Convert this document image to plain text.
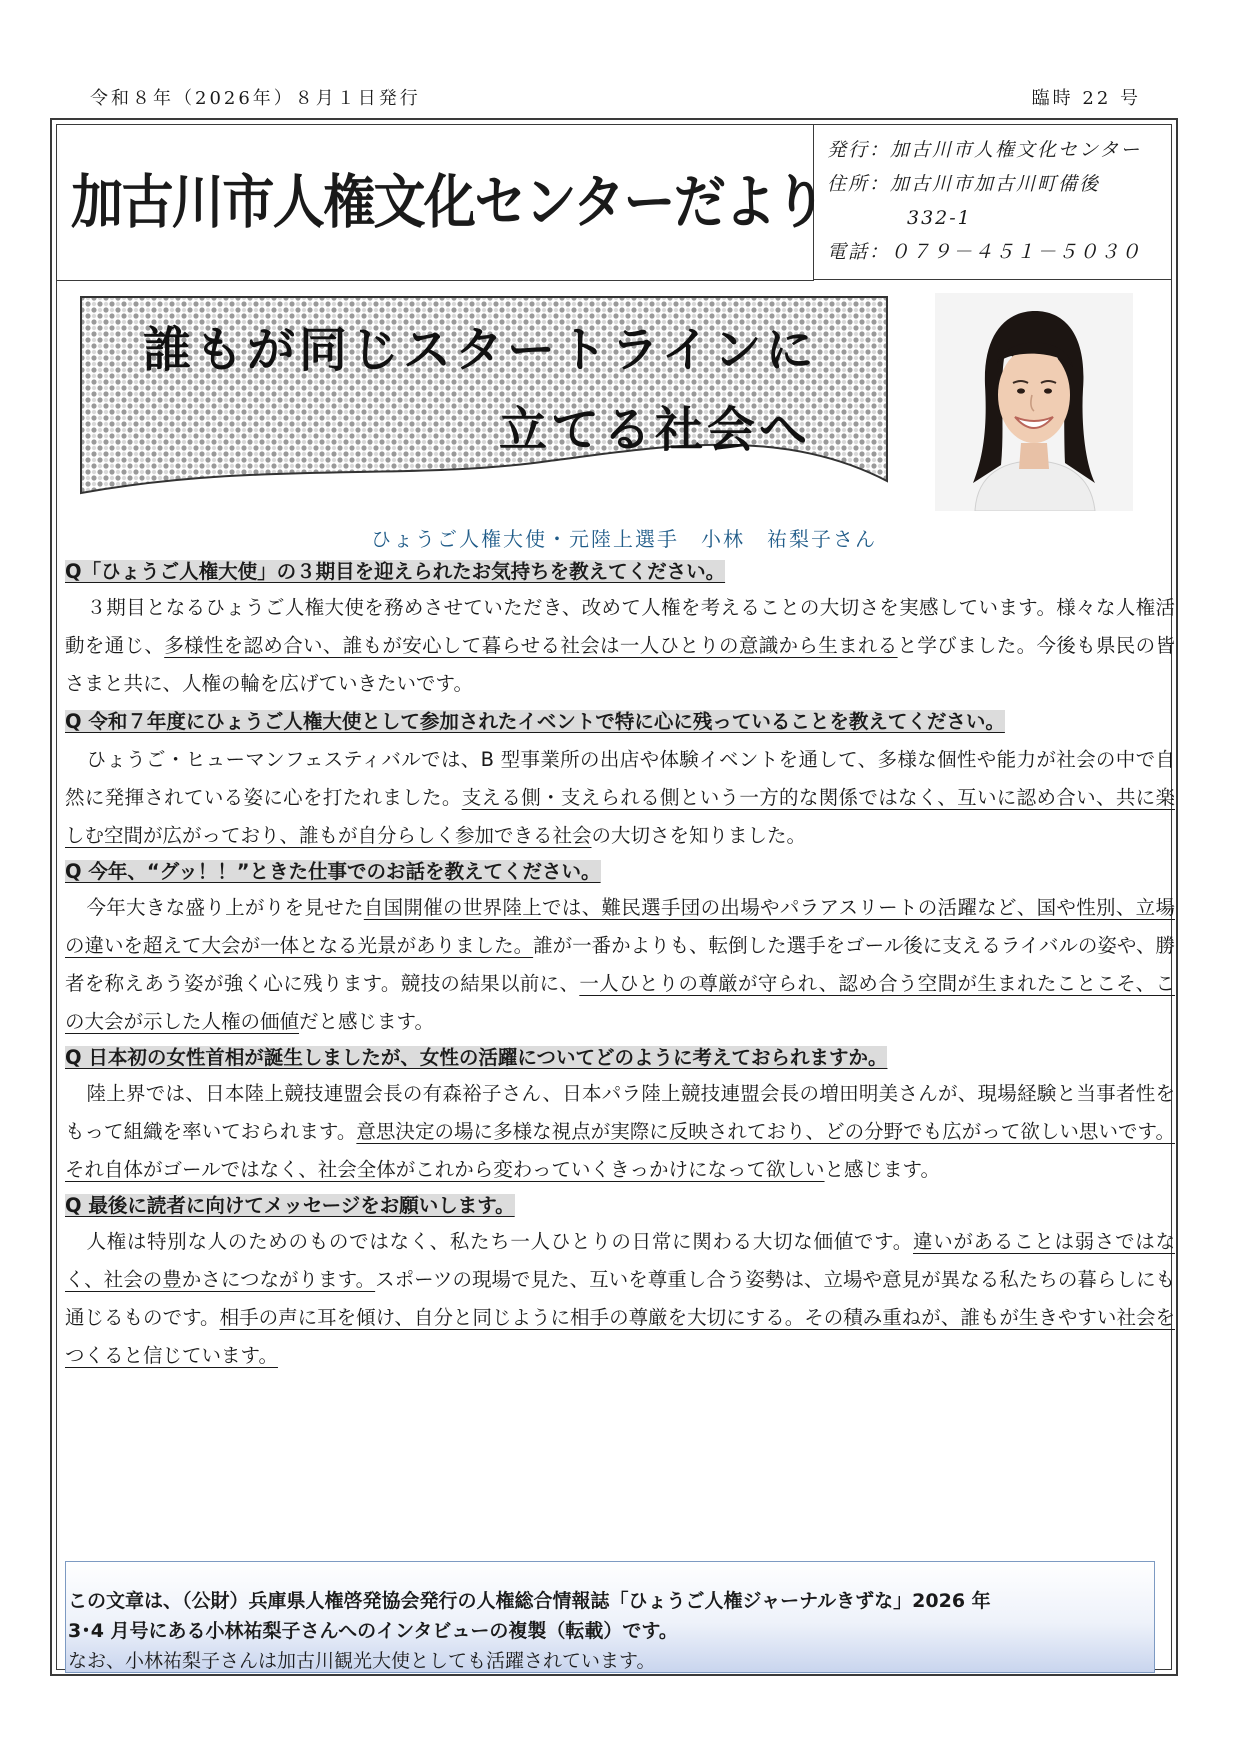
令和８年（2026年）８月１日発行	臨時 22 号
加古川市人権文化センターだより
発行：加古川市人権文化センター
住所：加古川市加古川町備後
332-1
電話：０７９－４５１－５０３０
誰もが同じスタートラインに
立てる社会へ
ひょうご人権大使・元陸上選手　小林　祐梨子さん
Q「ひょうご人権大使」の３期目を迎えられたお気持ちを教えてください。
３期目となるひょうご人権大使を務めさせていただき、改めて人権を考えることの大切さを実感しています。様々な人権活動を通じ、多様性を認め合い、誰もが安心して暮らせる社会は一人ひとりの意識から生まれると学びました。今後も県民の皆さまと共に、人権の輪を広げていきたいです。
Q 令和７年度にひょうご人権大使として参加されたイベントで特に心に残っていることを教えてください。
ひょうご・ヒューマンフェスティバルでは、B 型事業所の出店や体験イベントを通して、多様な個性や能力が社会の中で自然に発揮されている姿に心を打たれました。支える側・支えられる側という一方的な関係ではなく、互いに認め合い、共に楽しむ空間が広がっており、誰もが自分らしく参加できる社会の大切さを知りました。
Q 今年、“グッ！！”ときた仕事でのお話を教えてください。
今年大きな盛り上がりを見せた自国開催の世界陸上では、難民選手団の出場やパラアスリートの活躍など、国や性別、立場の違いを超えて大会が一体となる光景がありました。誰が一番かよりも、転倒した選手をゴール後に支えるライバルの姿や、勝者を称えあう姿が強く心に残ります。競技の結果以前に、一人ひとりの尊厳が守られ、認め合う空間が生まれたことこそ、この大会が示した人権の価値だと感じます。
Q 日本初の女性首相が誕生しましたが、女性の活躍についてどのように考えておられますか。
陸上界では、日本陸上競技連盟会長の有森裕子さん、日本パラ陸上競技連盟会長の増田明美さんが、現場経験と当事者性をもって組織を率いておられます。意思決定の場に多様な視点が実際に反映されており、どの分野でも広がって欲しい思いです。それ自体がゴールではなく、社会全体がこれから変わっていくきっかけになって欲しいと感じます。
Q 最後に読者に向けてメッセージをお願いします。
人権は特別な人のためのものではなく、私たち一人ひとりの日常に関わる大切な価値です。違いがあることは弱さではなく、社会の豊かさにつながります。スポーツの現場で見た、互いを尊重し合う姿勢は、立場や意見が異なる私たちの暮らしにも通じるものです。相手の声に耳を傾け、自分と同じように相手の尊厳を大切にする。その積み重ねが、誰もが生きやすい社会をつくると信じています。
この文章は、（公財）兵庫県人権啓発協会発行の人権総合情報誌「ひょうご人権ジャーナルきずな」2026 年
3･4 月号にある小林祐梨子さんへのインタビューの複製（転載）です。
なお、小林祐梨子さんは加古川観光大使としても活躍されています。
